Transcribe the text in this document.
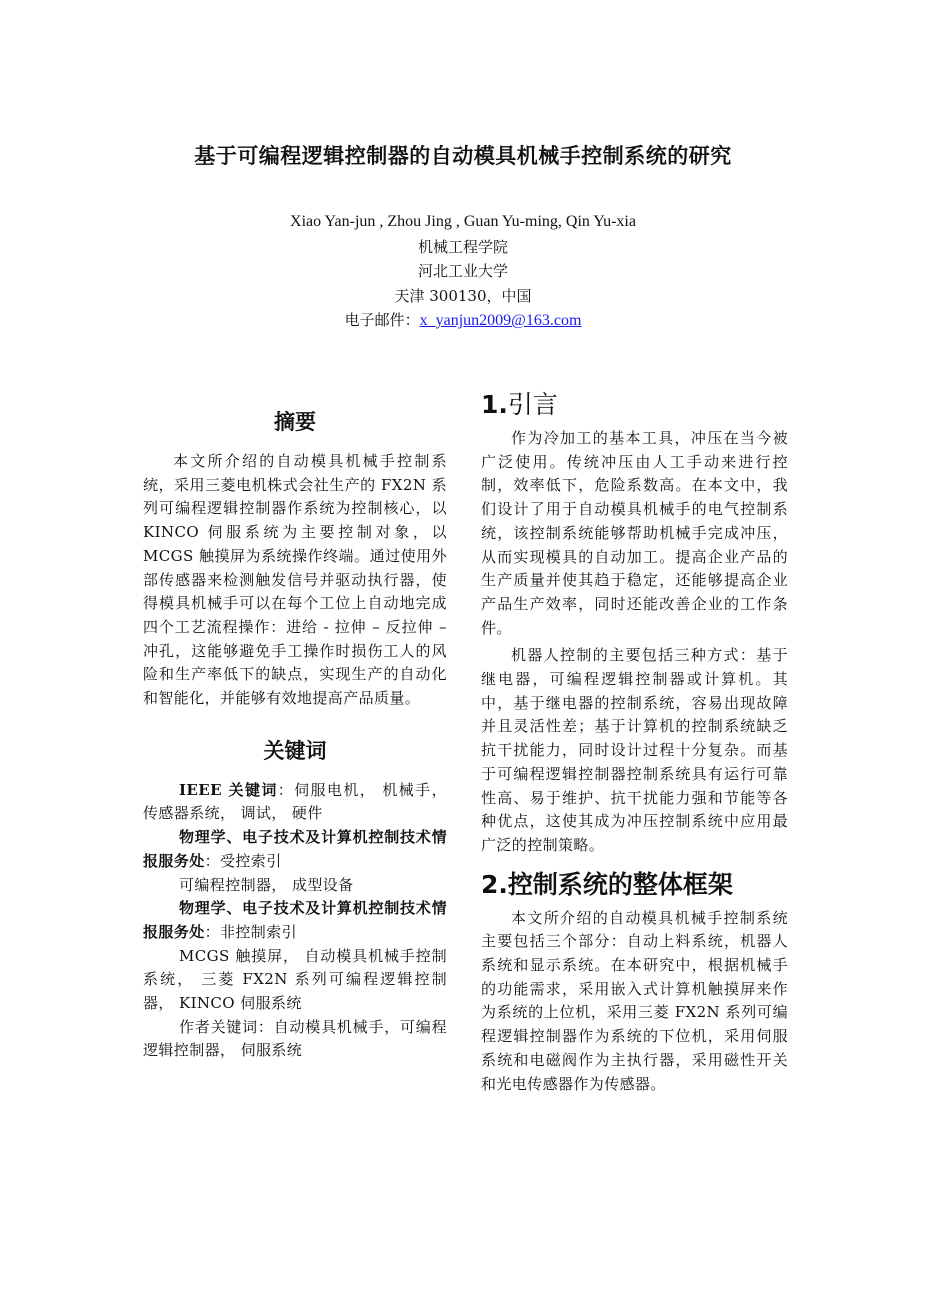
基于可编程逻辑控制器的自动模具机械手控制系统的研究
Xiao Yan-jun , Zhou Jing , Guan Yu-ming, Qin Yu-xia
机械工程学院
河北工业大学
天津 300130，中国
电子邮件：x_yanjun2009@163.com
摘要

本文所介绍的自动模具机械手控制系统，采用三菱电机株式会社生产的 FX2N 系列可编程逻辑控制器作系统为控制核心，以 KINCO 伺服系统为主要控制对象，以 MCGS 触摸屏为系统操作终端。通过使用外部传感器来检测触发信号并驱动执行器，使得模具机械手可以在每个工位上自动地完成四个工艺流程操作：进给 - 拉伸 – 反拉伸 – 冲孔，这能够避免手工操作时损伤工人的风险和生产率低下的缺点，实现生产的自动化和智能化，并能够有效地提高产品质量。

关键词

IEEE 关键词：伺服电机， 机械手， 传感器系统， 调试， 硬件

物理学、电子技术及计算机控制技术情报服务处：受控索引

可编程控制器， 成型设备

物理学、电子技术及计算机控制技术情报服务处：非控制索引

MCGS 触摸屏， 自动模具机械手控制系统， 三菱 FX2N 系列可编程逻辑控制器， KINCO 伺服系统

作者关键词：自动模具机械手，可编程逻辑控制器， 伺服系统

1.引言

作为冷加工的基本工具，冲压在当今被广泛使用。传统冲压由人工手动来进行控制，效率低下，危险系数高。在本文中，我们设计了用于自动模具机械手的电气控制系统，该控制系统能够帮助机械手完成冲压，从而实现模具的自动加工。提高企业产品的生产质量并使其趋于稳定，还能够提高企业产品生产效率，同时还能改善企业的工作条件。

机器人控制的主要包括三种方式：基于继电器，可编程逻辑控制器或计算机。其中，基于继电器的控制系统，容易出现故障并且灵活性差；基于计算机的控制系统缺乏抗干扰能力，同时设计过程十分复杂。而基于可编程逻辑控制器控制系统具有运行可靠性高、易于维护、抗干扰能力强和节能等各种优点，这使其成为冲压控制系统中应用最广泛的控制策略。

2.控制系统的整体框架

本文所介绍的自动模具机械手控制系统主要包括三个部分：自动上料系统，机器人系统和显示系统。在本研究中，根据机械手的功能需求，采用嵌入式计算机触摸屏来作为系统的上位机，采用三菱 FX2N 系列可编程逻辑控制器作为系统的下位机，采用伺服系统和电磁阀作为主执行器，采用磁性开关和光电传感器作为传感器。
